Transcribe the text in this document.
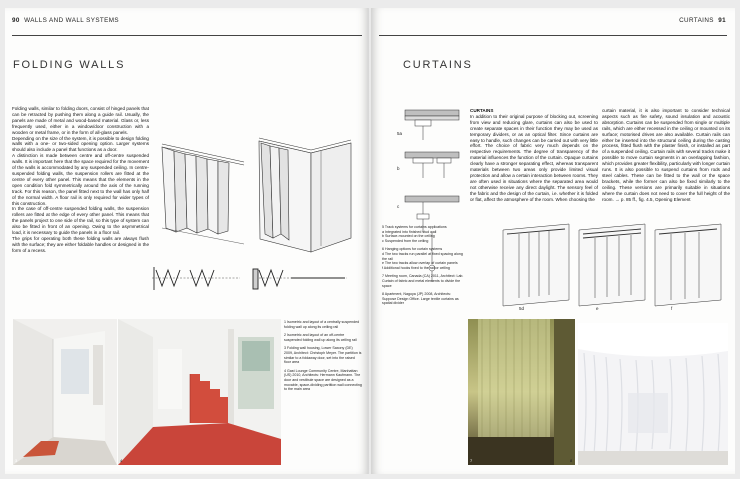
90 WALLS AND WALL SYSTEMS
FOLDING WALLS

Folding walls, similar to folding doors, consist of hinged panels that can be retracted by pushing them along a guide rail. Usually, the panels are made of metal and wood-based material. Glass or, less frequently used, either in a window/door construction with a wooden or metal frame, or in the form of all-glass panels.

Depending on the size of the system, it is possible to design folding walls with a one- or two-sided opening option. Larger systems should also include a panel that functions as a door.

A distinction is made between centre and off-centre suspended walls. It is important here that the space required for the movement of the walls is accommodated by any suspended ceiling. In centre-suspended folding walls, the suspension rollers are fitted at the centre of every other panel. This means that the elements in the open condition fold symmetrically around the axis of the running track. For this reason, the panel fitted next to the wall has only half of the normal width. A floor rail is only required for wider types of this construction.

In the case of off-centre suspended folding walls, the suspension rollers are fitted at the edge of every other panel. This means that the panels project to one side of the rail, so this type of system can also be fitted in front of an opening. Owing to the asymmetrical load, it is necessary to guide the panels in a floor rail.

The grips for operating both these folding walls are always flush with the surface; they are either foldable handles or designed in the form of a recess.

1 Isometric and layout of a centrally suspended folding wall up along its ceiling rail

2 Isometric and layout of an off-centre suspended folding wall up along its ceiling rail

3 Folding wall housing, Lower Saxony (DE) 2009, Architect: Christoph Meyer. The partition is similar to a foldaway door, set into the raised floor area

4 Gast Lounge Community Centre, Manhattan (US) 2010, Architects: Hermann Kaufmann. The door and vestibule space are designed as a movable, space-dividing partition wall connecting to the main area

3	4
CURTAINS 91
CURTAINS
5a
b
c

CURTAINS

In addition to their original purpose of blocking out, screening from view and reducing glare, curtains can also be used to create separate spaces in their function they may be used as temporary dividers, or as an optical filter. Since curtains are easy to handle, such changes can be carried out with very little effort. The choice of fabric very much depends on the respective requirements. The degree of transparency of the material influences the function of the curtain. Opaque curtains clearly have a stronger separating effect, whereas transparent materials between two areas only provide limited visual protection and allow a certain interaction between rooms. They are often used in situations where the separated area would not otherwise receive any direct daylight. The sensory feel of the fabric and the design of the curtain, i.e. whether it is folded or flat, affect the atmosphere of the room. When choosing the

curtain material, it is also important to consider technical aspects such as fire safety, sound insulation and acoustic absorption. Curtains can be suspended from single or multiple rails, which are either recessed in the ceiling or mounted on its surface; motorised drives are also available. Curtain rails can either be inserted into the structural ceiling during the casting process, fitted flush with the plaster finish, or installed as part of a suspended ceiling. Curtain rails with several tracks make it possible to move curtain segments in an overlapping fashion, which provides greater flexibility, particularly with longer curtain runs. It is also possible to suspend curtains from rods and steel cables. These can be fitted to the wall or the space brackets, while the former can also be fixed similarly to the ceiling. These versions are primarily suitable in situations where the curtain does not need to cover the full height of the room. → p. 85 ff., fig. 4.5, Opening Element

5d	e	f

5 Track systems for curtains applications

a Integrated into finished stud wall

b Surface-mounted on the ceiling

c Suspended from the ceiling

6 Hanging options for curtain systems

d The two tracks run parallel at fixed spacing along the rail

e The two tracks allow overlap of curtain panels

f Additional hooks fixed to the rail or ceiling

7 Meeting room, Canada (CA) 2011, Architect: Lab. Curtain of fabric and metal elements to divide the space

8 Apartment, Nagoya (JP) 2008, Architects: Suppose Design Office. Large textile curtains as spatial divider

7	8
